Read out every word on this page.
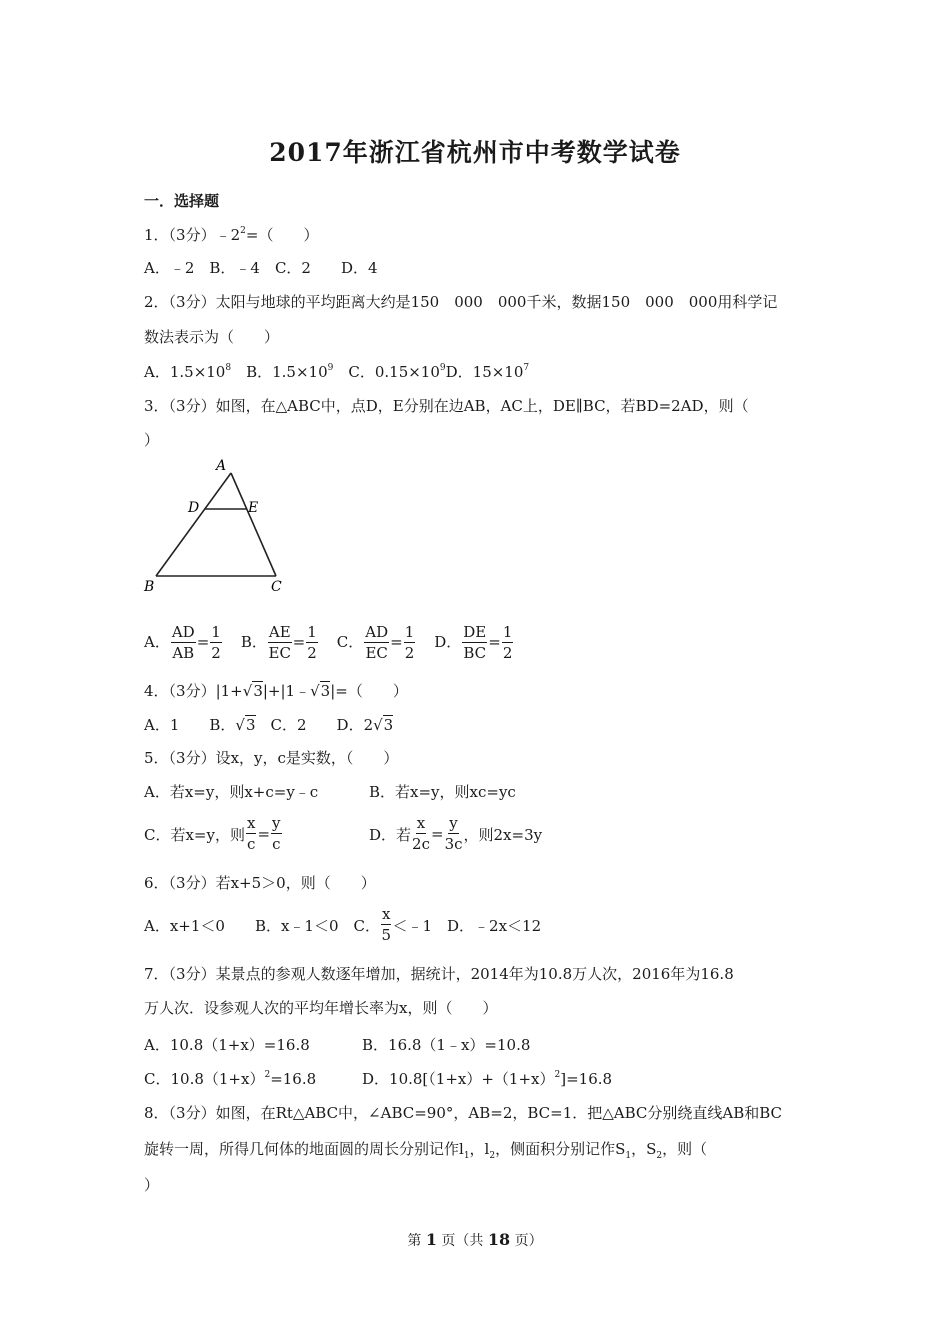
2017年浙江省杭州市中考数学试卷
一．选择题
1．（3分）$﹣2^2=$（　　）
A．﹣2　B．﹣4　C．2　　D．4
2．（3分）太阳与地球的平均距离大约是150　000　000千米，数据150　000　000用科学记
数法表示为（　　）
A．$1.5\times 10^8$　B．$1.5\times 10^9$　C．$0.15\times 10^9D$．$15\times 10^7$
3．（3分）如图，在△ABC中，点D，E分别在边AB，AC上，DE∥BC，若BD=2AD，则（
）
A
D	E
B	C
A． $\frac{AD}{AB} = \frac{1}{2}$ B． $\frac{AE}{EC} = \frac{1}{2}$ C． $\frac{AD}{EC} = \frac{1}{2}$ D． $\frac{DE}{BC} = \frac{1}{2}$
4．（3分）|1+√3|+|1﹣√3|=（　　）
A．1　　B．√3　C．2　　D．2√3
5．（3分）设x，y，c是实数，（　　）
A．若x=y，则x+c=y﹣c	B．若x=y，则xc=yc
C．若x=y，则 $\frac{x}{c} = \frac{y}{c}$	D．若 $\frac{x}{2c} = \frac{y}{3c}$ ，则2x=3y
6．（3分）若x+5＞0，则（　　）
A．x+1＜0　　B．x﹣1＜0　C． $\frac{x}{5}$ ＜﹣1　D．﹣2x＜12
7．（3分）某景点的参观人数逐年增加，据统计，2014年为10.8万人次，2016年为16.8
万人次．设参观人次的平均年增长率为x，则（　　）
A．10.8（1+x）=16.8	B．16.8（1﹣x）=10.8
C．$10.8(1+x)^2=16.8$	D．$10.8[(1+x)+(1+x)^2]=16.8$
8．（3分）如图，在Rt△ABC中，∠ABC=90°，AB=2，BC=1．把△ABC分别绕直线AB和BC
旋转一周，所得几何体的地面圆的周长分别记作$l_1$，$l_2$，侧面积分别记作$S_1$，$S_2$，则（
）
第 1 页（共 18 页）
